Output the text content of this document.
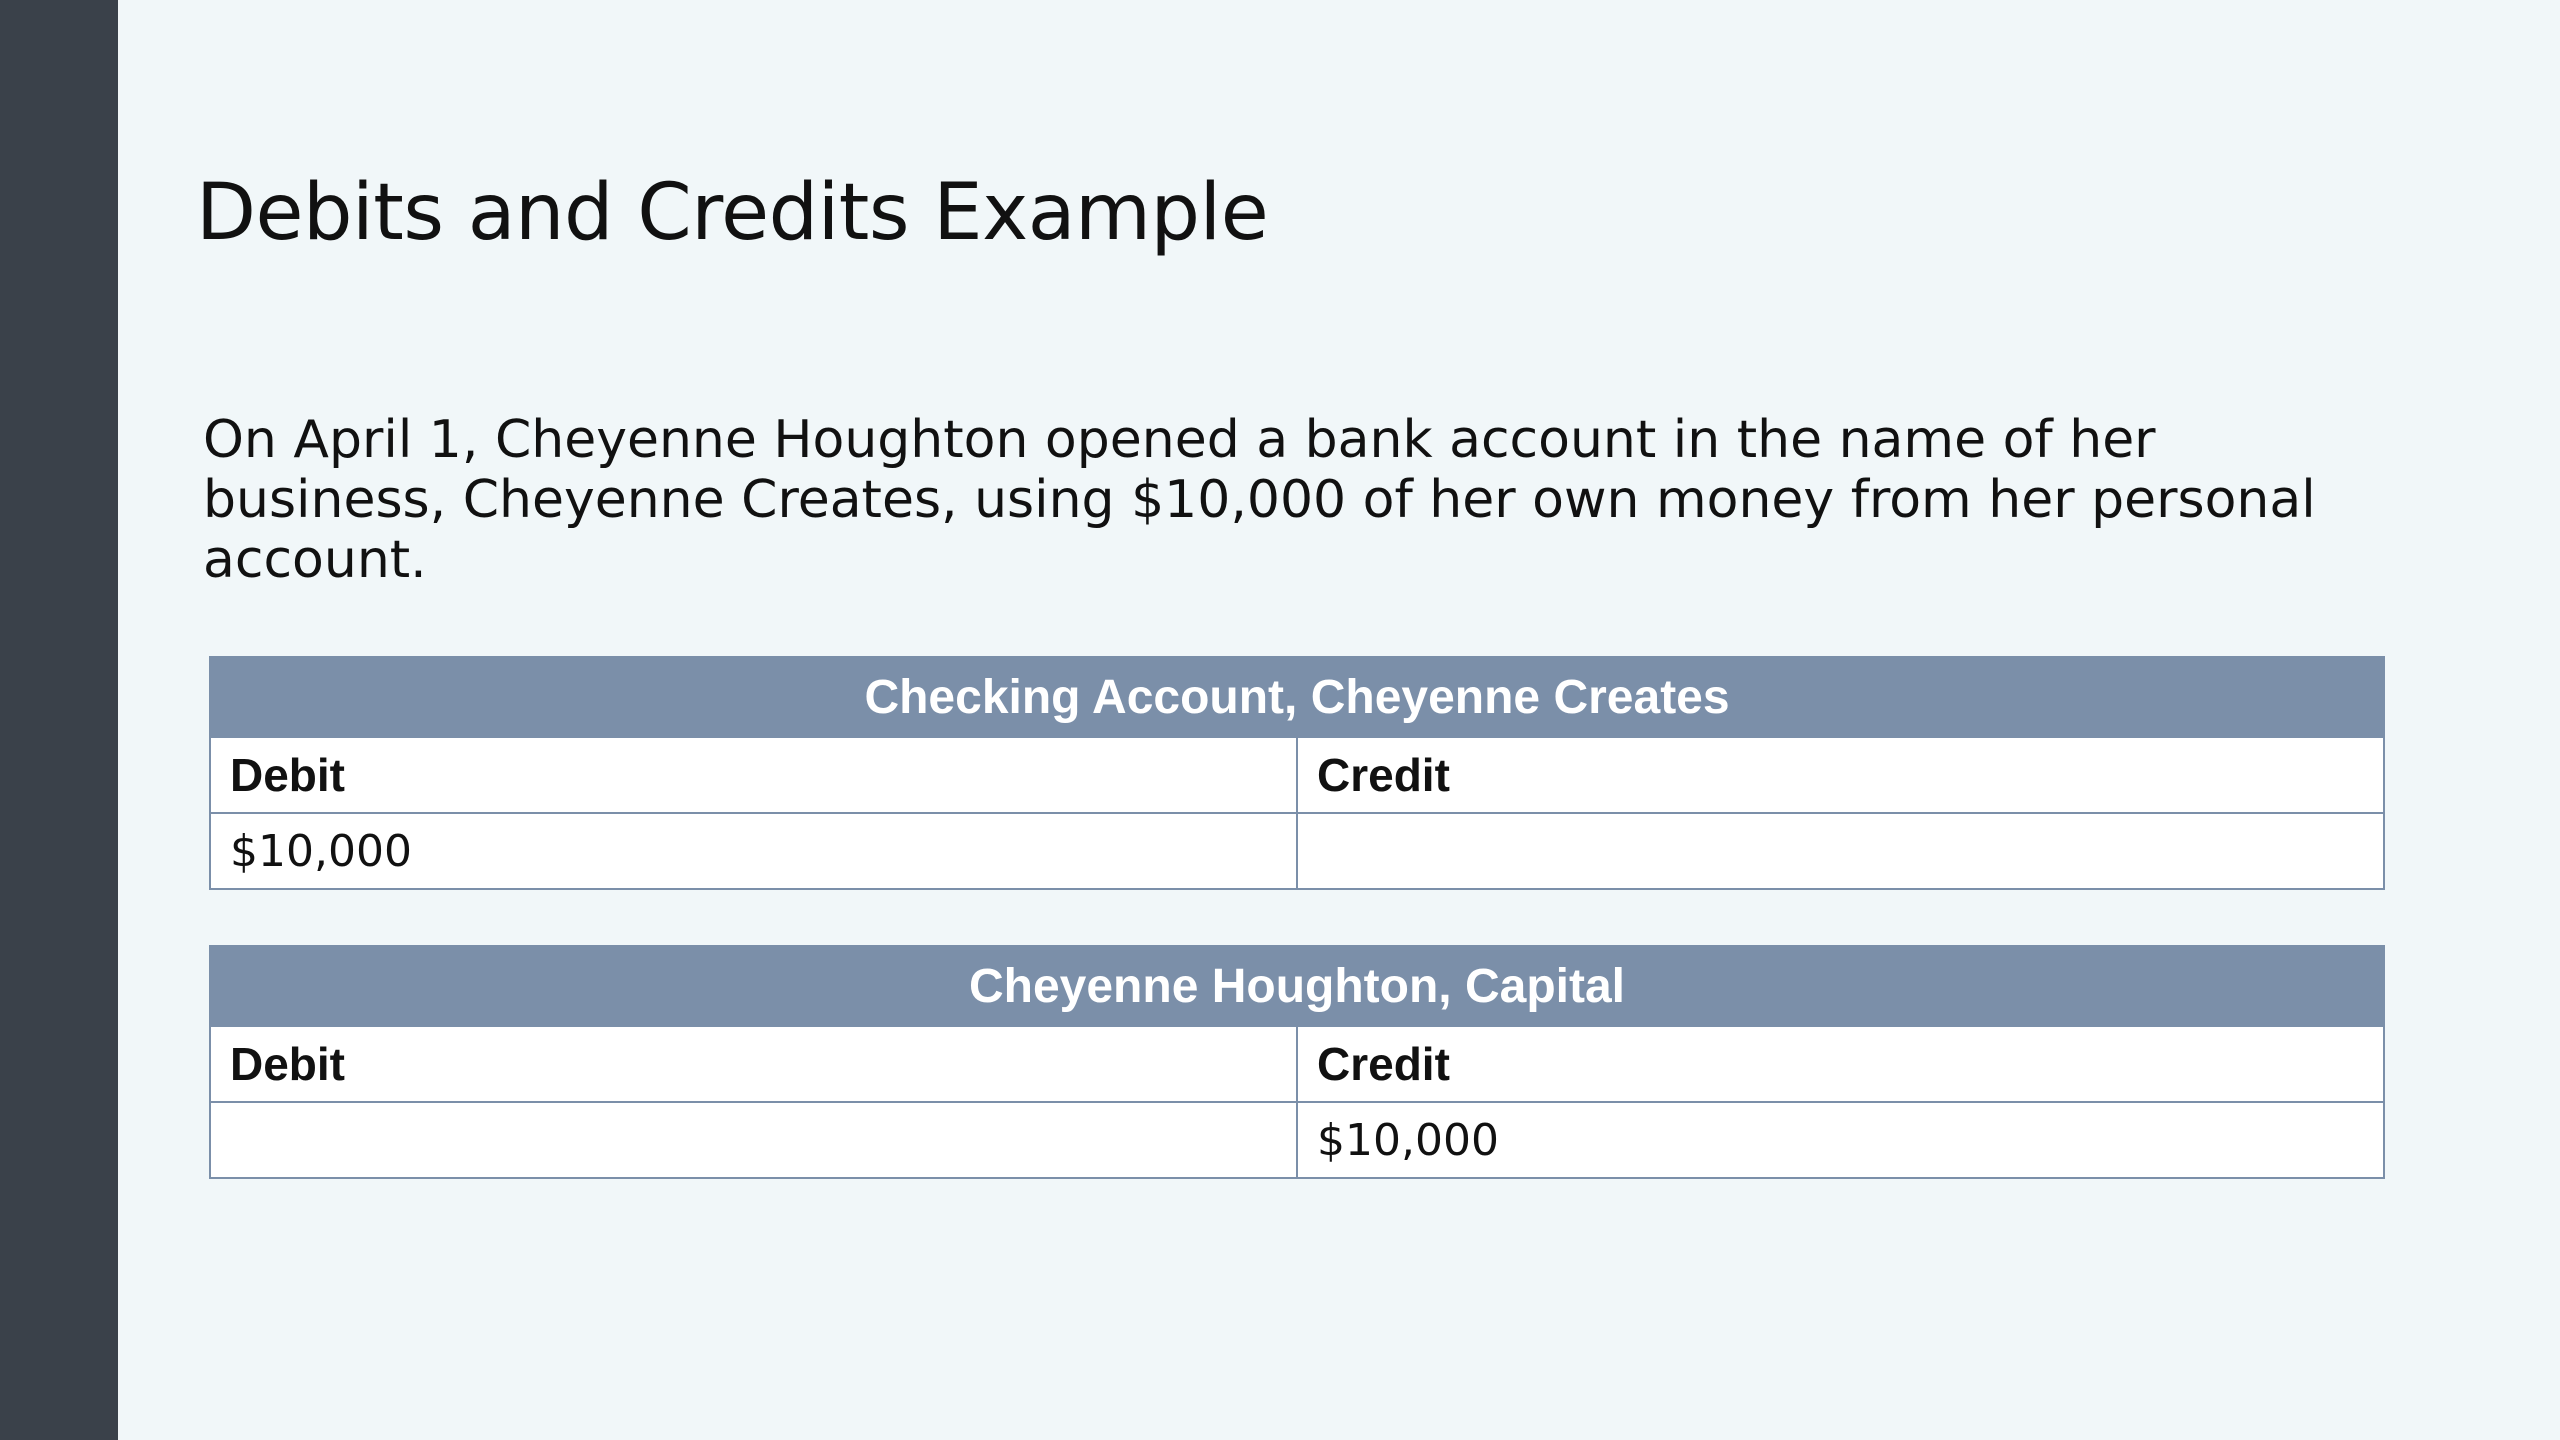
Debits and Credits Example

On April 1, Cheyenne Houghton opened a bank account in the name of her business, Cheyenne Creates, using $10,000 of her own money from her personal account.

Checking Account, Cheyenne Creates	
Debit	Credit
$10,000	
Cheyenne Houghton, Capital	
Debit	Credit
	$10,000
